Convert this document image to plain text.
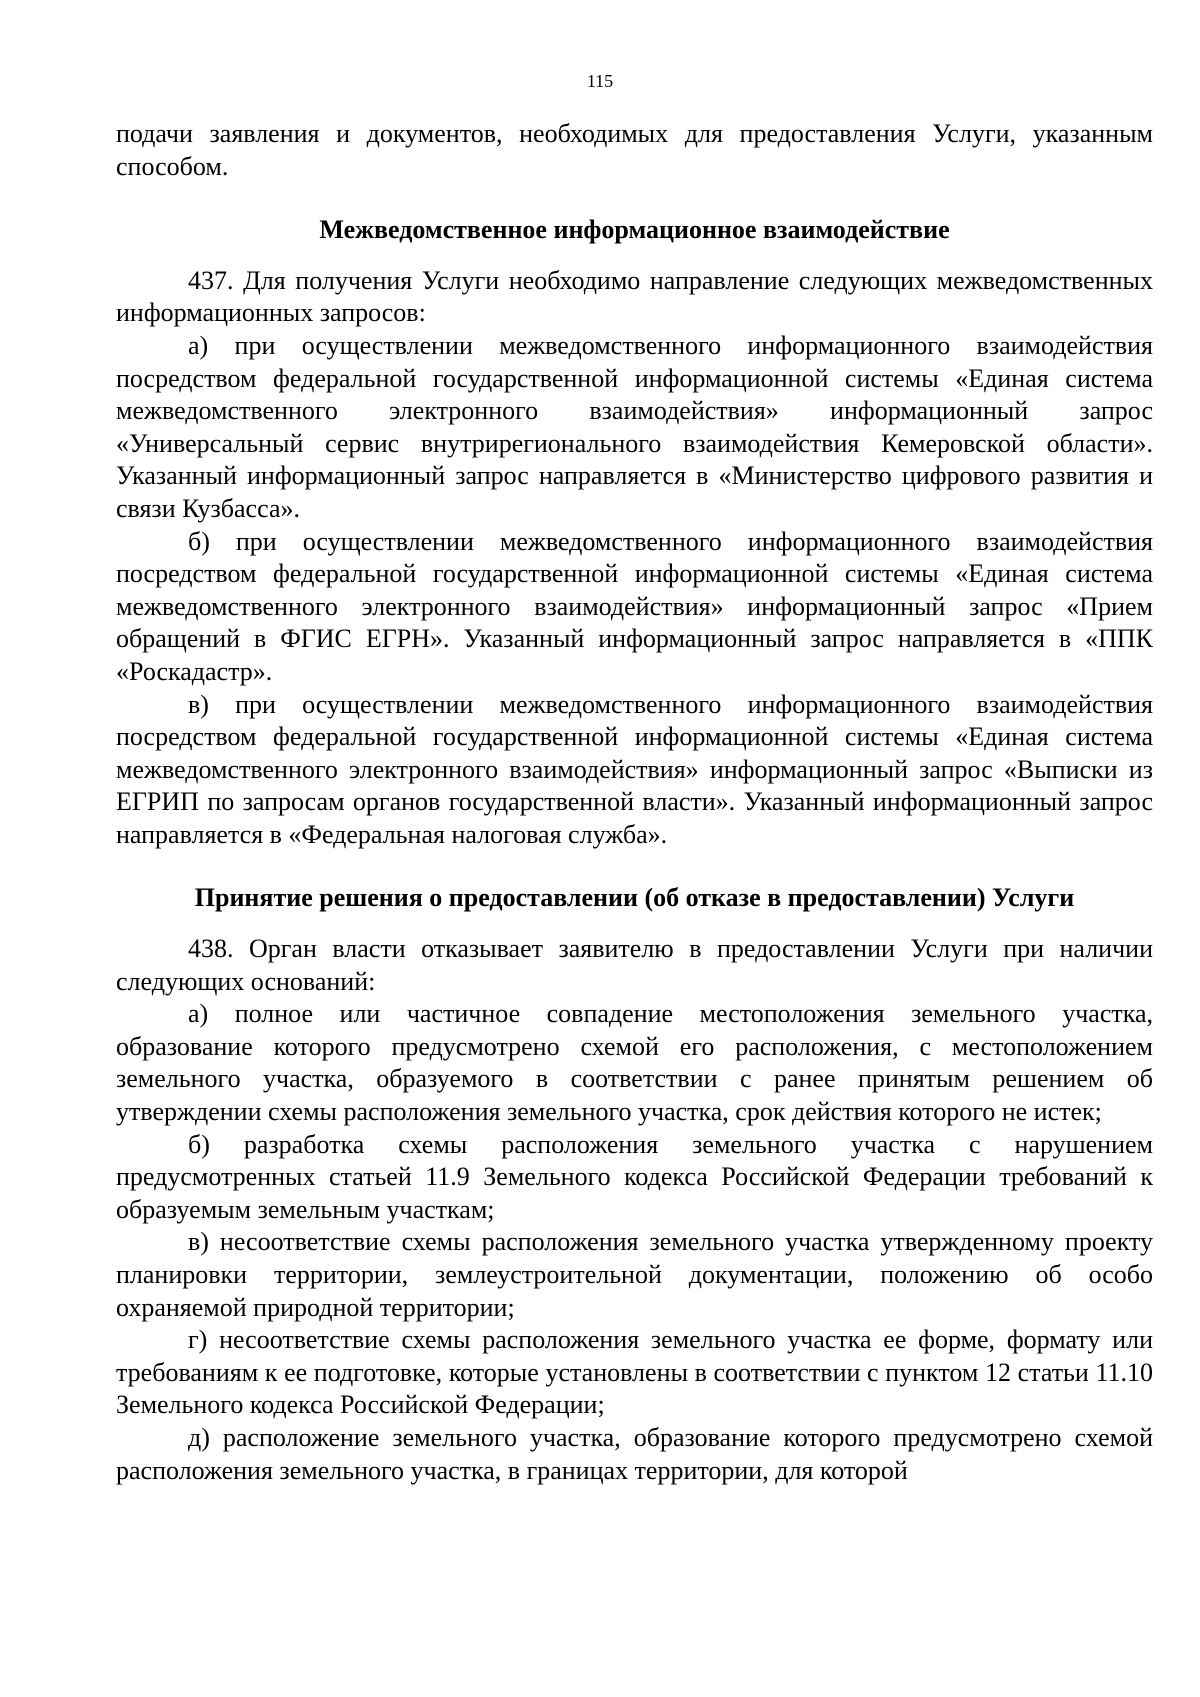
115

подачи заявления и документов, необходимых для предоставления Услуги, указанным способом.

Межведомственное информационное взаимодействие

437. Для получения Услуги необходимо направление следующих межведомственных информационных запросов:

а) при осуществлении межведомственного информационного взаимодействия посредством федеральной государственной информационной системы «Единая система межведомственного электронного взаимодействия» информационный запрос «Универсальный сервис внутрирегионального взаимодействия Кемеровской области». Указанный информационный запрос направляется в «Министерство цифрового развития и связи Кузбасса».

б) при осуществлении межведомственного информационного взаимодействия посредством федеральной государственной информационной системы «Единая система межведомственного электронного взаимодействия» информационный запрос «Прием обращений в ФГИС ЕГРН». Указанный информационный запрос направляется в «ППК «Роскадастр».

в) при осуществлении межведомственного информационного взаимодействия посредством федеральной государственной информационной системы «Единая система межведомственного электронного взаимодействия» информационный запрос «Выписки из ЕГРИП по запросам органов государственной власти». Указанный информационный запрос направляется в «Федеральная налоговая служба».

Принятие решения о предоставлении (об отказе в предоставлении) Услуги

438. Орган власти отказывает заявителю в предоставлении Услуги при наличии следующих оснований:

а) полное или частичное совпадение местоположения земельного участка, образование которого предусмотрено схемой его расположения, с местоположением земельного участка, образуемого в соответствии с ранее принятым решением об утверждении схемы расположения земельного участка, срок действия которого не истек;

б) разработка схемы расположения земельного участка с нарушением предусмотренных статьей 11.9 Земельного кодекса Российской Федерации требований к образуемым земельным участкам;

в) несоответствие схемы расположения земельного участка утвержденному проекту планировки территории, землеустроительной документации, положению об особо охраняемой природной территории;

г) несоответствие схемы расположения земельного участка ее форме, формату или требованиям к ее подготовке, которые установлены в соответствии с пунктом 12 статьи 11.10 Земельного кодекса Российской Федерации;

д) расположение земельного участка, образование которого предусмотрено схемой расположения земельного участка, в границах территории, для которой
